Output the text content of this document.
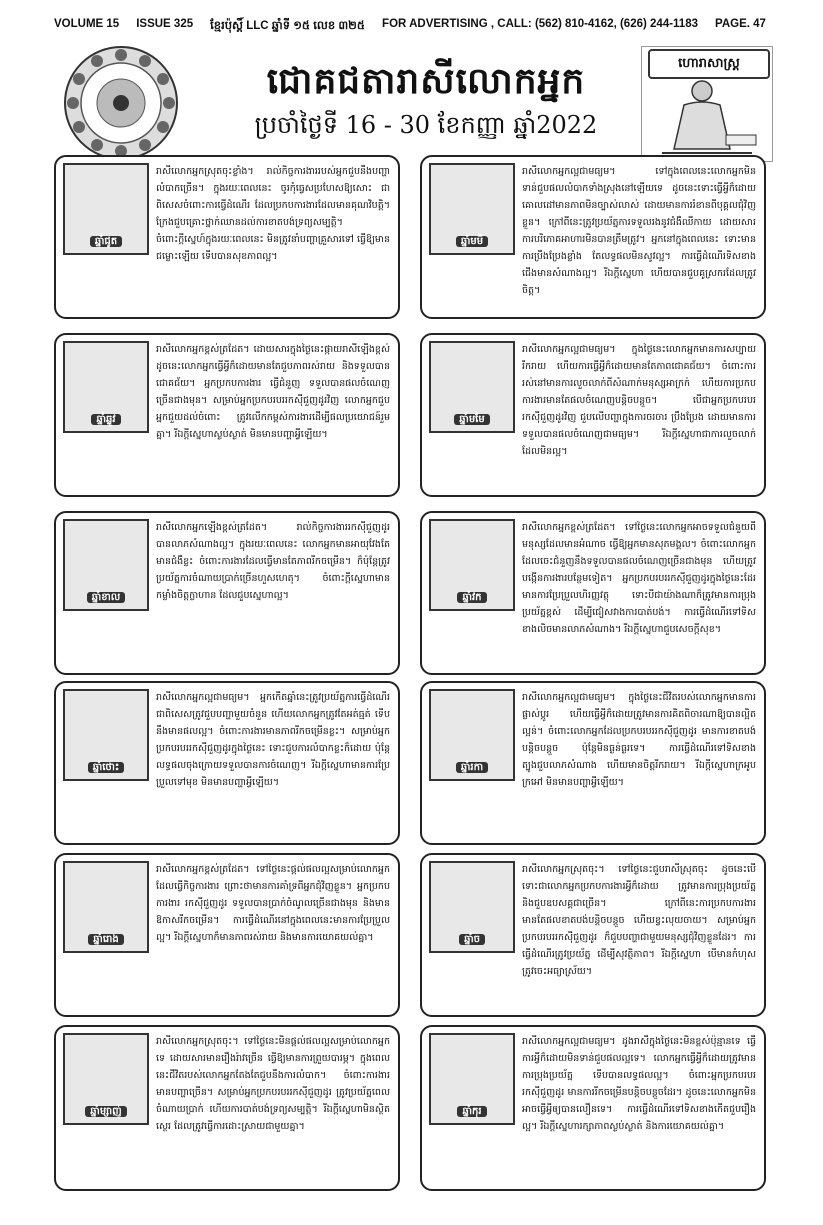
VOLUME 15 ISSUE 325 ខ្មែរប៉ុស្តិ៍ LLC ឆ្នាំទី ១៥ លេខ ៣២៥ FOR ADVERTISING , CALL: (562) 810-4162, (626) 244-1183 PAGE. 47
ជោគជតារាសីលោកអ្នក
ប្រចាំថ្ងៃទី 16 - 30 ខែកញ្ញា ឆ្នាំ2022
ហោរាសាស្ត្រ
ឆ្នាំជូត
រាសីលោកអ្នកស្រុតចុះខ្លាំង។ រាល់កិច្ចការងាររបស់អ្នកជួបនឹងបញ្ហាលំបាកច្រើន។ ក្នុងរយៈពេលនេះ ចូរកុំធ្វេសប្រហែសឱ្យសោះ ជាពិសេសចំពោះការធ្វើដំណើរ ដែលប្រកបការងារដែលមានគុណវិបត្តិ។ ក្រែងជួបគ្រោះថ្នាក់ឈានដល់ការខាតបង់ទ្រព្យសម្បត្តិ។ ចំពោះក្តីស្នេហ៍ក្នុងរយៈពេលនេះ មិនត្រូវនាំបញ្ហាគ្រួសារទៅ ធ្វើឱ្យមានជម្លោះឡើយ ទើបបានសុខភាពល្អ។
ឆ្នាំមមី
រាសីលោកអ្នកល្អជាមធ្យម។ ទៅក្នុងពេលនេះលោកអ្នកមិនទាន់ជួបផលលំបាកទាំងស្រុងនៅឡើយទេ ដូចនេះទោះធ្វើអ្វីក៏ដោយ គោលដៅមានភាពមិនច្បាស់លាស់ ដោយមានការរំខានពីបុគ្គលជុំវិញខ្លួន។ ក្រៅពីនេះត្រូវប្រយ័ត្នការទទួលរងនូវជំងឺឈឺកាយ ដោយសារការបរិភោគអាហារមិនបានត្រឹមត្រូវ។ អ្នកនៅក្នុងពេលនេះ ទោះមានការប្រឹងប្រែងខ្លាំង តែលទ្ធផលមិនសូវល្អ។ ការធ្វើដំណើរទិសខាងជើងមានសំណាងល្អ។ រីឯក្តីស្នេហា ហើយបានជួបគូស្រករដែលត្រូវចិត្ត។
ឆ្នាំឆ្លូវ
រាសីលោកអ្នកខ្ពស់ត្រដែត។ ដោយសារក្នុងថ្ងៃនេះផ្កាយរាសីឡើងខ្ពស់ ដូចនេះលោកអ្នកធ្វើអ្វីក៏ដោយមានតែជួបភាពរស់រាយ និងទទួលបានជោគជ័យ។ អ្នកប្រកបការងារ ធ្វើជំនួញ ទទួលបានផលចំណេញច្រើនជាងមុន។ សម្រាប់អ្នកប្រកបរបររកស៊ីជួញដូរវិញ លោកអ្នកជួបអ្នកជួយដល់ចំពោះ ត្រូវលើកកម្ពស់ការងារដើម្បីផលប្រយោជន៍រួមគ្នា។ រីឯក្តីស្នេហាស្ងប់ស្ងាត់ មិនមានបញ្ហាអ្វីឡើយ។
ឆ្នាំមមែ
រាសីលោកអ្នកល្អជាមធ្យម។ ក្នុងថ្ងៃនេះលោកអ្នកមានការសប្បាយរីករាយ ហើយការធ្វើអ្វីក៏ដោយមានតែភាពជោគជ័យ។ ចំពោះការរស់នៅមានការលួចលាក់ពីសំណាក់មនុស្សអាក្រក់ ហើយការប្រកបការងារមានតែផលចំណេញបន្តិចបន្តួច។ បើជាអ្នកប្រកបរបររកស៊ីជួញដូរវិញ ជួបលើបញ្ហាក្នុងការចរចារ ប្រឹងប្រែង ដោយមានការទទួលបានផលចំណេញជាមធ្យម។ រីឯក្តីស្នេហាជាការលួចលាក់ ដែលមិនល្អ។
ឆ្នាំខាល
រាសីលោកអ្នកឡើងខ្ពស់ត្រដែត។ រាល់កិច្ចការងាររកស៊ីជួញដូរបានលាភសំណាងល្អ។ ក្នុងរយៈពេលនេះ លោកអ្នកមានអាយុវែងតែមានជំងឺខ្លះ ចំពោះការងារដែលធ្វើមានតែភាពរីកចម្រើន។ ក៏ប៉ុន្តែត្រូវប្រយ័ត្នការចំណាយប្រាក់ច្រើនហួសហេតុ។ ចំពោះក្តីស្នេហាមានកម្លាំងចិត្តក្លាហាន ដែលជួបស្នេហាល្អ។	ឆ្នាំវក
រាសីលោកអ្នកខ្ពស់ត្រដែត។ ទៅថ្ងៃនេះលោកអ្នកអាចទទួលជំនួយពីមនុស្សដែលមានអំណាច ធ្វើឱ្យអ្នកមានសុភមង្គល។ ចំពោះលោកអ្នកដែលចេះជំនួញនឹងទទួលបានផលចំណេញច្រើនជាងមុន ហើយត្រូវបង្កើនការងារបន្ថែមទៀត។ អ្នកប្រកបរបររកស៊ីជួញដូរក្នុងថ្ងៃនេះដែរ មានការប្រែប្រួលហិរញ្ញវត្ថុ ទោះបីជាយ៉ាងណាក៏ត្រូវមានការប្រុងប្រយ័ត្នខ្ពស់ ដើម្បីជៀសវាងការបាត់បង់។ ការធ្វើដំណើរទៅទិសខាងលិចមានលាភសំណាង។ រីឯក្តីស្នេហាជួបសេចក្តីសុខ។
ឆ្នាំថោះ
រាសីលោកអ្នកល្អជាមធ្យម។ អ្នកកើតឆ្នាំនេះត្រូវប្រយ័ត្នការធ្វើដំណើរ ជាពិសេសត្រូវជួបបញ្ហាមួយចំនួន ហើយលោកអ្នកត្រូវតែអត់ធ្មត់ ទើបនឹងមានផលល្អ។ ចំពោះការងារមានភាពរីកចម្រើនខ្លះ។ សម្រាប់អ្នកប្រកបរបររកស៊ីជួញដូរក្នុងថ្ងៃនេះ ទោះជួបការលំបាកខ្លះក៏ដោយ ប៉ុន្តែលទ្ធផលចុងក្រោយទទួលបានការចំណេញ។ រីឯក្តីស្នេហាមានការប្រែប្រួលទៅមុខ មិនមានបញ្ហាអ្វីឡើយ។
ឆ្នាំរកា
រាសីលោកអ្នកល្អជាមធ្យម។ ក្នុងថ្ងៃនេះជីវិតរបស់លោកអ្នកមានការផ្លាស់ប្តូរ ហើយធ្វើអ្វីក៏ដោយត្រូវមានការគិតពិចារណាឱ្យបានល្អិតល្អន់។ ចំពោះលោកអ្នកដែលប្រកបរបររកស៊ីជួញដូរ មានការខាតបង់បន្តិចបន្តួច ប៉ុន្តែមិនធ្ងន់ធ្ងរទេ។ ការធ្វើដំណើរទៅទិសខាងត្បូងជួបលាភសំណាង ហើយមានចិត្តរីករាយ។ រីឯក្តីស្នេហាក្រអូបក្រអៅ មិនមានបញ្ហាអ្វីឡើយ។
ឆ្នាំរោង
រាសីលោកអ្នកខ្ពស់ត្រដែត។ ទៅថ្ងៃនេះផ្តល់ផលល្អសម្រាប់លោកអ្នកដែលធ្វើកិច្ចការងារ ព្រោះថាមានការគាំទ្រពីអ្នកជុំវិញខ្លួន។ អ្នកប្រកបការងារ រកស៊ីជួញដូរ ទទួលបានប្រាក់ចំណូលច្រើនជាងមុន និងមានឱកាសរីកចម្រើន។ ការធ្វើដំណើរនៅក្នុងពេលនេះមានការប្រែប្រួលល្អ។ រីឯក្តីស្នេហាក៏មានភាពរស់រាយ និងមានការយោគយល់គ្នា។	ឆ្នាំច
រាសីលោកអ្នកស្រុតចុះ។ ទៅថ្ងៃនេះជួបរាសីស្រុតចុះ ដូចនេះបើទោះជាលោកអ្នកប្រកបការងារអ្វីក៏ដោយ ត្រូវមានការប្រុងប្រយ័ត្ន និងជួបឧបសគ្គជាច្រើន។ ក្រៅពីនេះការប្រកបការងារមានតែផលខាតបង់បន្តិចបន្តួច ហើយខ្វះលុយចាយ។ សម្រាប់អ្នកប្រកបរបររកស៊ីជួញដូរ ក៏ជួបបញ្ហាជាមួយមនុស្សជុំវិញខ្លួនដែរ។ ការធ្វើដំណើរត្រូវប្រយ័ត្ន ដើម្បីសុវត្ថិភាព។ រីឯក្តីស្នេហា បើមានកំហុសត្រូវចេះអធ្យាស្រ័យ។
ឆ្នាំម្សាញ់
រាសីលោកអ្នកស្រុតចុះ។ ទៅថ្ងៃនេះមិនផ្តល់ផលល្អសម្រាប់លោកអ្នកទេ ដោយសារមានរឿងរ៉ាវច្រើន ធ្វើឱ្យមានការព្រួយបារម្ភ។ ក្នុងពេលនេះជីវិតរបស់លោកអ្នកតែងតែជួបនឹងការលំបាក។ ចំពោះការងារមានបញ្ហាច្រើន។ សម្រាប់អ្នកប្រកបរបររកស៊ីជួញដូរ ត្រូវប្រយ័ត្នពេលចំណាយប្រាក់ ហើយការបាត់បង់ទ្រព្យសម្បត្តិ។ រីឯក្តីស្នេហាមិនស្ថិតស្ថេរ ដែលត្រូវធ្វើការដោះស្រាយជាមួយគ្នា។
ឆ្នាំកុរ
រាសីលោកអ្នកល្អជាមធ្យម។ ដូងរាសីក្នុងថ្ងៃនេះមិនខ្ពស់ប៉ុន្មានទេ ធ្វើការអ្វីក៏ដោយមិនទាន់ជួបផលល្អទេ។ លោកអ្នកធ្វើអ្វីក៏ដោយត្រូវមានការប្រុងប្រយ័ត្ន ទើបបានលទ្ធផលល្អ។ ចំពោះអ្នកប្រកបរបររកស៊ីជួញដូរ មានការរីកចម្រើនបន្តិចបន្តួចដែរ។ ដូចនេះលោកអ្នកមិនអាចធ្វើអ្វីឲ្យបានលឿនទេ។ ការធ្វើដំណើរទៅទិសខាងកើតជួបរឿងល្អ។ រីឯក្តីស្នេហារក្សាភាពស្ងប់ស្ងាត់ និងការយោគយល់គ្នា។
